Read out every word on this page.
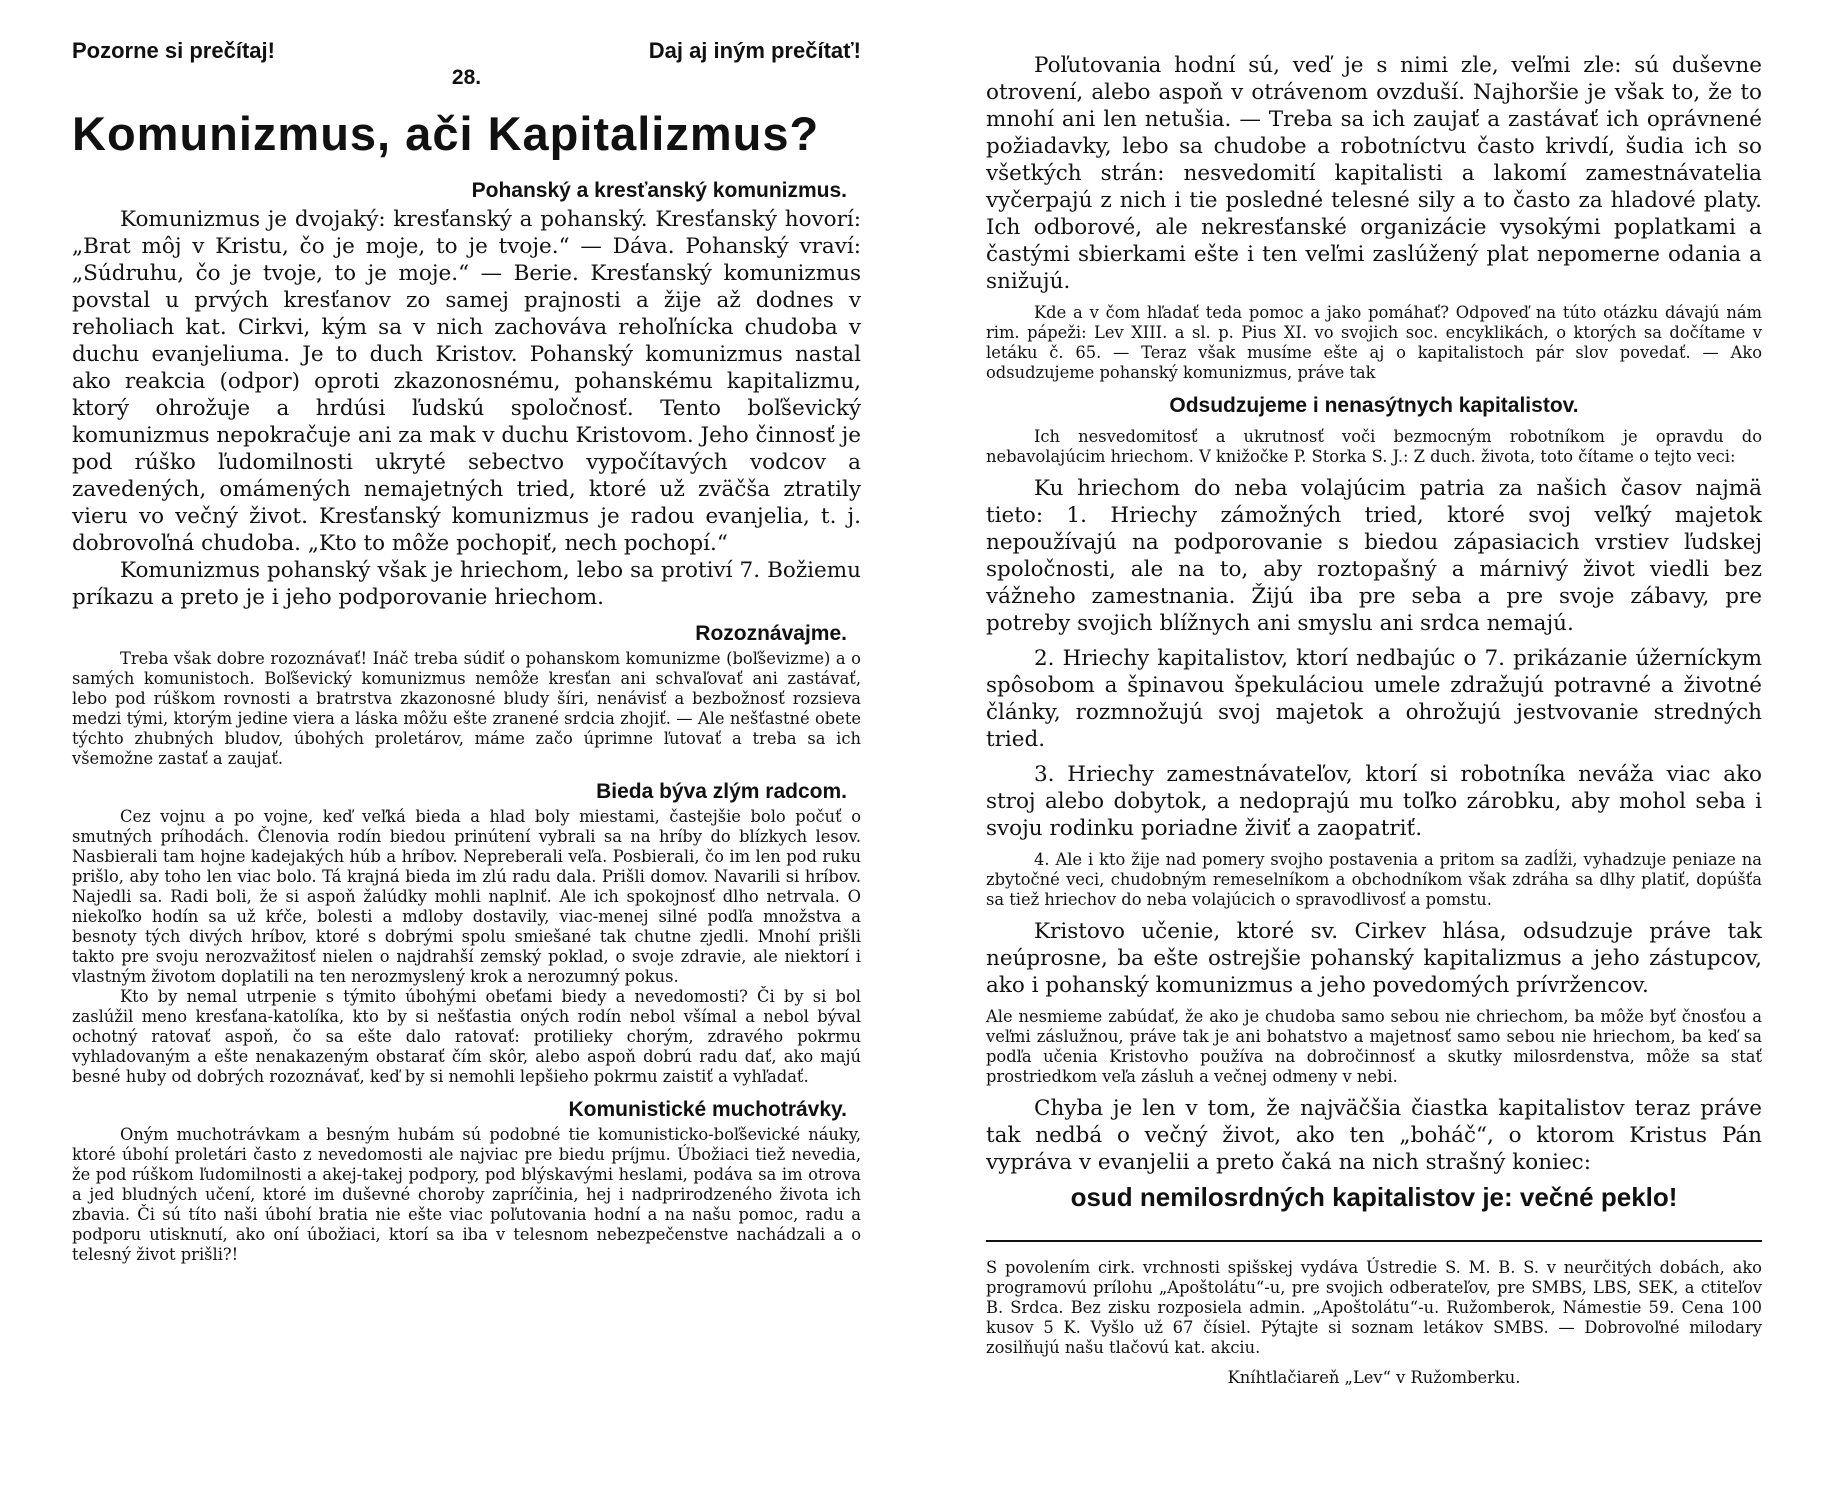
Pozorne si prečítaj!	Daj aj iným prečítať!
28.
Komunizmus, ači Kapitalizmus?
Pohanský a kresťanský komunizmus.

Komunizmus je dvojaký: kresťanský a pohanský. Kresťanský hovorí: „Brat môj v Kristu, čo je moje, to je tvoje.“ — Dáva. Pohanský vraví: „Súdruhu, čo je tvoje, to je moje.“ — Berie. Kresťanský komunizmus povstal u prvých kresťanov zo samej prajnosti a žije až dodnes v reholiach kat. Cirkvi, kým sa v nich zachováva rehoľnícka chudoba v duchu evanjeliuma. Je to duch Kristov. Pohanský komunizmus nastal ako reakcia (odpor) oproti zkazonosnému, pohanskému kapitalizmu, ktorý ohrožuje a hrdúsi ľudskú spoločnosť. Tento boľševický komunizmus nepokračuje ani za mak v duchu Kristovom. Jeho činnosť je pod rúško ľudomilnosti ukryté sebectvo vypočítavých vodcov a zavedených, omámených nemajetných tried, ktoré už zväčša ztratily vieru vo večný život. Kresťanský komunizmus je radou evanjelia, t. j. dobrovoľná chudoba. „Kto to môže pochopiť, nech pochopí.“

Komunizmus pohanský však je hriechom, lebo sa protiví 7. Božiemu príkazu a preto je i jeho podporovanie hriechom.

Rozoznávajme.

Treba však dobre rozoznávať! Ináč treba súdiť o pohanskom komunizme (boľševizme) a o samých komunistoch. Boľševický komunizmus nemôže kresťan ani schvaľovať ani zastávať, lebo pod rúškom rovnosti a bratrstva zkazonosné bludy šíri, nenávisť a bezbožnosť rozsieva medzi tými, ktorým jedine viera a láska môžu ešte zranené srdcia zhojiť. — Ale nešťastné obete týchto zhubných bludov, úbohých proletárov, máme začo úprimne ľutovať a treba sa ich všemožne zastať a zaujať.

Bieda býva zlým radcom.

Cez vojnu a po vojne, keď veľká bieda a hlad boly miestami, častejšie bolo počuť o smutných príhodách. Členovia rodín biedou prinútení vybrali sa na hríby do blízkych lesov. Nasbierali tam hojne kadejakých húb a hríbov. Nepreberali veľa. Posbierali, čo im len pod ruku prišlo, aby toho len viac bolo. Tá krajná bieda im zlú radu dala. Prišli domov. Navarili si hríbov. Najedli sa. Radi boli, že si aspoň žalúdky mohli naplniť. Ale ich spokojnosť dlho netrvala. O niekoľko hodín sa už kŕče, bolesti a mdloby dostavily, viac-menej silné podľa množstva a besnoty tých divých hríbov, ktoré s dobrými spolu smiešané tak chutne zjedli. Mnohí prišli takto pre svoju nerozvažitosť nielen o najdrahší zemský poklad, o svoje zdravie, ale niektorí i vlastným životom doplatili na ten nerozmyslený krok a nerozumný pokus.

Kto by nemal utrpenie s týmito úbohými obeťami biedy a nevedomosti? Či by si bol zaslúžil meno kresťana-katolíka, kto by si nešťastia oných rodín nebol všímal a nebol býval ochotný ratovať aspoň, čo sa ešte dalo ratovať: protilieky chorým, zdravého pokrmu vyhladovaným a ešte nenakazeným obstarať čím skôr, alebo aspoň dobrú radu dať, ako majú besné huby od dobrých rozoznávať, keď by si nemohli lepšieho pokrmu zaistiť a vyhľadať.

Komunistické muchotrávky.

Oným muchotrávkam a besným hubám sú podobné tie komunisticko-boľševické náuky, ktoré úbohí proletári často z nevedomosti ale najviac pre biedu príjmu. Úbožiaci tiež nevedia, že pod rúškom ľudomilnosti a akej-takej podpory, pod blýskavými heslami, podáva sa im otrova a jed bludných učení, ktoré im duševné choroby zapríčinia, hej i nadprirodzeného života ich zbavia. Či sú títo naši úbohí bratia nie ešte viac poľutovania hodní a na našu pomoc, radu a podporu utisknutí, ako oní úbožiaci, ktorí sa iba v telesnom nebezpečenstve nachádzali a o telesný život prišli?!

Poľutovania hodní sú, veď je s nimi zle, veľmi zle: sú duševne otrovení, alebo aspoň v otrávenom ovzduší. Najhoršie je však to, že to mnohí ani len netušia. — Treba sa ich zaujať a zastávať ich oprávnené požiadavky, lebo sa chudobe a robotníctvu často krivdí, šudia ich so všetkých strán: nesvedomití kapitalisti a lakomí zamestnávatelia vyčerpajú z nich i tie posledné telesné sily a to často za hladové platy. Ich odborové, ale nekresťanské organizácie vysokými poplatkami a častými sbierkami ešte i ten veľmi zaslúžený plat nepomerne odania a snižujú.

Kde a v čom hľadať teda pomoc a jako pomáhať? Odpoveď na túto otázku dávajú nám rim. pápeži: Lev XIII. a sl. p. Pius XI. vo svojich soc. encyklikách, o ktorých sa dočítame v letáku č. 65. — Teraz však musíme ešte aj o kapitalistoch pár slov povedať. — Ako odsudzujeme pohanský komunizmus, práve tak

Odsudzujeme i nenasýtnych kapitalistov.

Ich nesvedomitosť a ukrutnosť voči bezmocným robotníkom je opravdu do nebavolajúcim hriechom. V knižočke P. Storka S. J.: Z duch. života, toto čítame o tejto veci:

Ku hriechom do neba volajúcim patria za našich časov najmä tieto: 1. Hriechy zámožných tried, ktoré svoj veľký majetok nepoužívajú na podporovanie s biedou zápasiacich vrstiev ľudskej spoločnosti, ale na to, aby roztopašný a márnivý život viedli bez vážneho zamestnania. Žijú iba pre seba a pre svoje zábavy, pre potreby svojich blížnych ani smyslu ani srdca nemajú.

2. Hriechy kapitalistov, ktorí nedbajúc o 7. prikázanie úžerníckym spôsobom a špinavou špekuláciou umele zdražujú potravné a životné články, rozmnožujú svoj majetok a ohrožujú jestvovanie stredných tried.

3. Hriechy zamestnávateľov, ktorí si robotníka neváža viac ako stroj alebo dobytok, a nedoprajú mu toľko zárobku, aby mohol seba i svoju rodinku poriadne živiť a zaopatriť.

4. Ale i kto žije nad pomery svojho postavenia a pritom sa zadĺži, vyhadzuje peniaze na zbytočné veci, chudobným remeselníkom a obchodníkom však zdráha sa dlhy platiť, dopúšťa sa tiež hriechov do neba volajúcich o spravodlivosť a pomstu.

Kristovo učenie, ktoré sv. Cirkev hlása, odsudzuje práve tak neúprosne, ba ešte ostrejšie pohanský kapitalizmus a jeho zástupcov, ako i pohanský komunizmus a jeho povedomých prívržencov.

Ale nesmieme zabúdať, že ako je chudoba samo sebou nie chriechom, ba môže byť čnosťou a veľmi záslužnou, práve tak je ani bohatstvo a majetnosť samo sebou nie hriechom, ba keď sa podľa učenia Kristovho používa na dobročinnosť a skutky milosrdenstva, môže sa stať prostriedkom veľa zásluh a večnej odmeny v nebi.

Chyba je len v tom, že najväčšia čiastka kapitalistov teraz práve tak nedbá o večný život, ako ten „boháč“, o ktorom Kristus Pán vypráva v evanjelii a preto čaká na nich strašný koniec:

osud nemilosrdných kapitalistov je: večné peklo!

S povolením cirk. vrchnosti spišskej vydáva Ústredie S. M. B. S. v neurčitých dobách, ako programovú prílohu „Apoštolátu“-u, pre svojich odberateľov, pre SMBS, LBS, SEK, a ctiteľov B. Srdca. Bez zisku rozposiela admin. „Apoštolátu“-u. Ružomberok, Námestie 59. Cena 100 kusov 5 K. Vyšlo už 67 čísiel. Pýtajte si soznam letákov SMBS. — Dobrovoľné milodary zosilňujú našu tlačovú kat. akciu.

Kníhtlačiareň „Lev“ v Ružomberku.
